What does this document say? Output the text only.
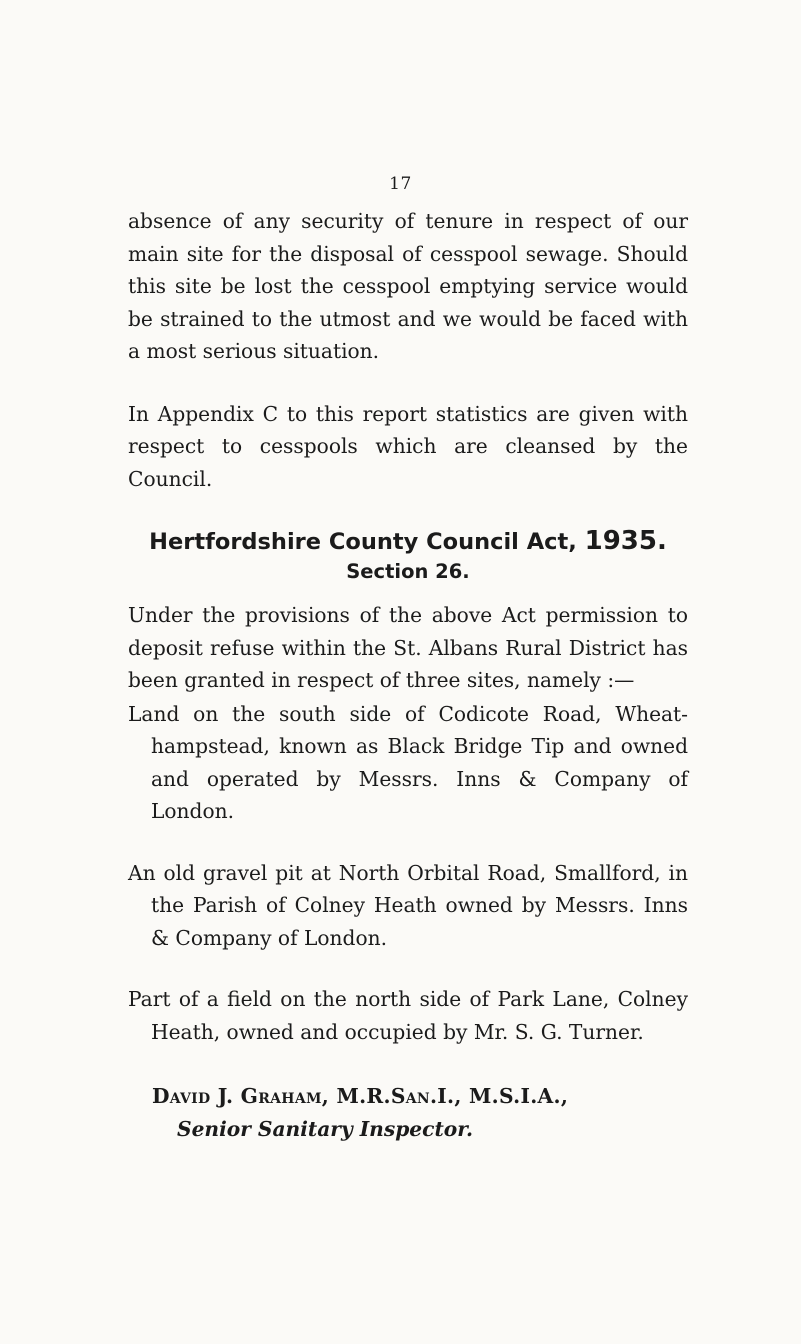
17

absence of any security of tenure in respect of our main site for the disposal of cesspool sewage. Should this site be lost the cesspool emptying service would be strained to the utmost and we would be faced with a most serious situation.

In Appendix C to this report statistics are given with respect to cesspools which are cleansed by the Council.

Hertfordshire County Council Act, 1935.
Section 26.

Under the provisions of the above Act permission to deposit refuse within the St. Albans Rural District has been granted in respect of three sites, namely :—

Land on the south side of Codicote Road, Wheat-hampstead, known as Black Bridge Tip and owned and operated by Messrs. Inns & Company of London.

An old gravel pit at North Orbital Road, Smallford, in the Parish of Colney Heath owned by Messrs. Inns & Company of London.

Part of a field on the north side of Park Lane, Colney Heath, owned and occupied by Mr. S. G. Turner.

David J. Graham, M.R.San.I., M.S.I.A.,
Senior Sanitary Inspector.
